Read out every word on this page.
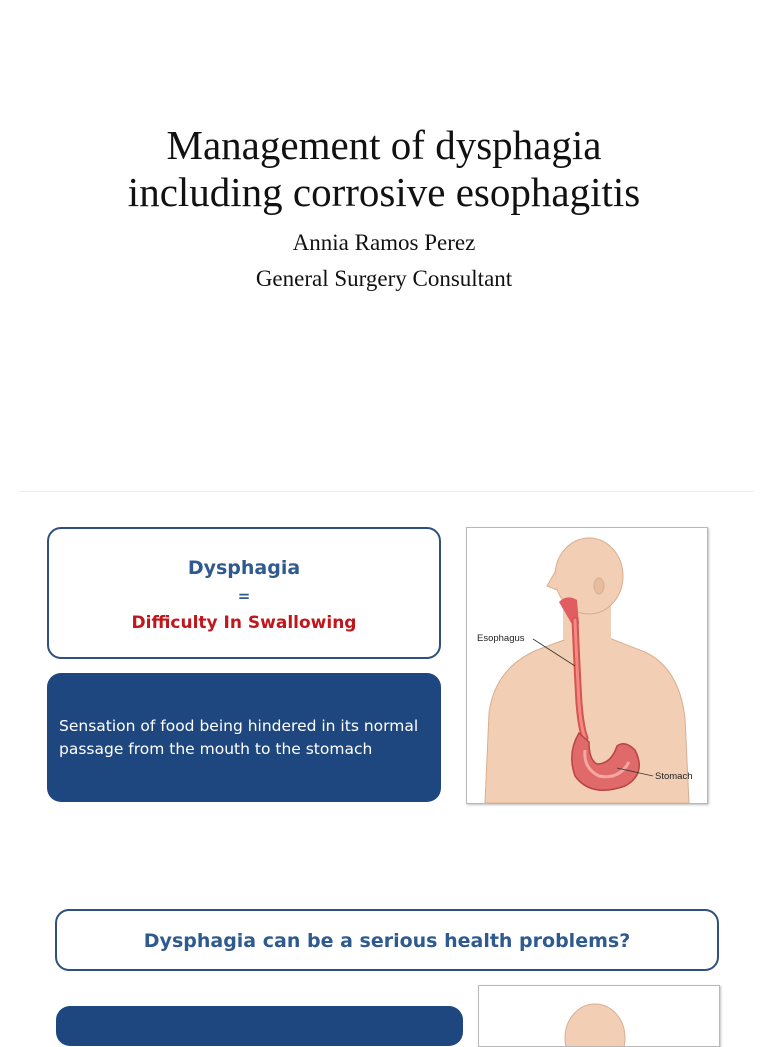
Management of dysphagia
including corrosive esophagitis
Annia Ramos Perez
General Surgery Consultant
Dysphagia
=
Difficulty In Swallowing
Sensation of food being hindered in its normal passage from the mouth to the stomach
Esophagus
Stomach
Dysphagia can be a serious health problems?
